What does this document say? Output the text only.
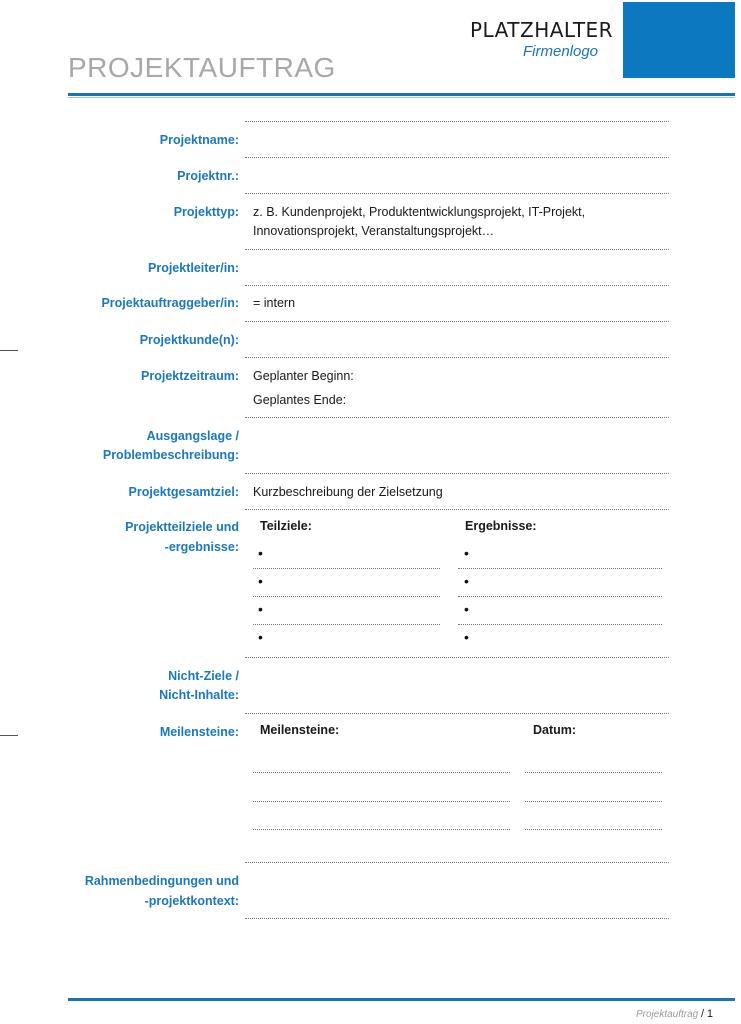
PLATZHALTER
Firmenlogo
PROJEKTAUFTRAG
Projektname:
Projektnr.:
Projekttyp: z. B. Kundenprojekt, Produktentwicklungsprojekt, IT-Projekt,
Innovationsprojekt, Veranstaltungsprojekt…
Projektleiter/in:
Projektauftraggeber/in: = intern
Projektkunde(n):
Projektzeitraum: Geplanter Beginn:
Geplantes Ende:
Ausgangslage /
Problembeschreibung:
Projektgesamtziel: Kurzbeschreibung der Zielsetzung
Projektteilziele und
-ergebnisse:
Teilziele:	Ergebnisse:
•	•
•	•
•	•
•	•
Nicht-Ziele /
Nicht-Inhalte:
Meilensteine: Meilensteine:	Datum:
Rahmenbedingungen und
-projektkontext:
Projektauftrag / 1
